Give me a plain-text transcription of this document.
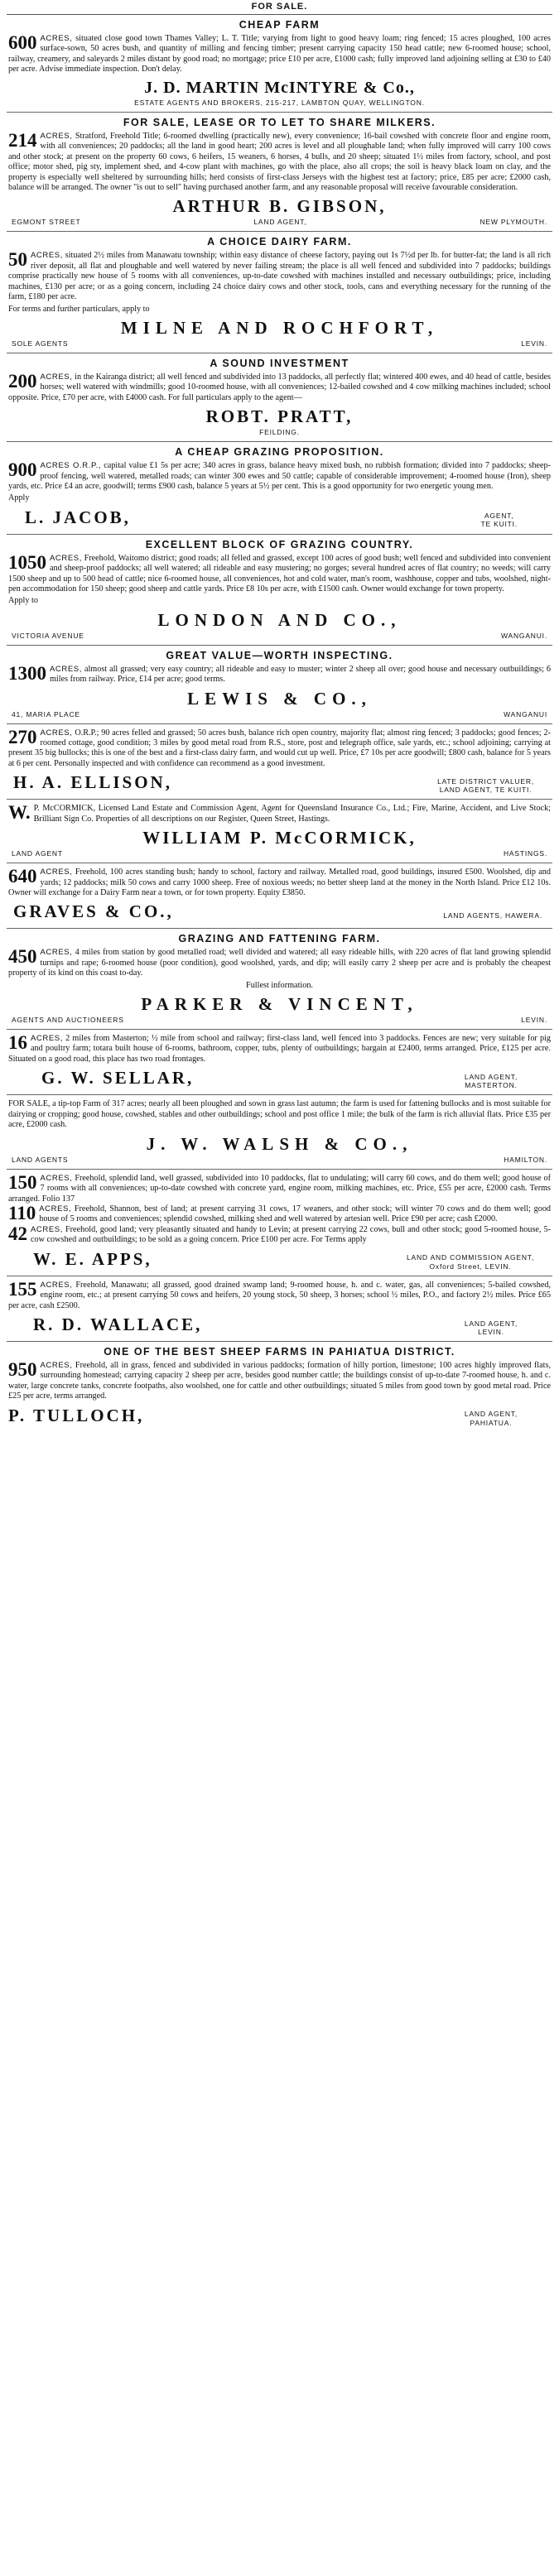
FOR SALE.
CHEAP FARM
600 ACRES, situated close good town Thames Valley; L. T. Title; varying from light to good heavy loam; ring fenced; 15 acres ploughed, 100 acres surface-sown, 50 acres bush, and quantity of milling and fencing timber; present carrying capacity 150 head cattle; new 6-roomed house; school, railway, creamery, and saleyards 2 miles distant by good road; no mortgage; price £10 per acre, £1000 cash; fully improved land adjoining selling at £30 to £40 per acre. Advise immediate inspection. Don't delay.
J. D. MARTIN McINTYRE & Co.,
ESTATE AGENTS AND BROKERS, 215-217, LAMBTON QUAY, WELLINGTON.
FOR SALE, LEASE OR TO LET TO SHARE MILKERS.
214 ACRES, Stratford, Freehold Title; 6-roomed dwelling (practically new), every convenience; 16-bail cowshed with concrete floor and engine room, with all conveniences; 20 paddocks; all the land in good heart; 200 acres is level and all ploughable land; when fully improved will carry 100 cows and other stock; at present on the property 60 cows, 6 heifers, 15 weaners, 6 horses, 4 bulls, and 20 sheep; situated 1½ miles from factory, school, and post office; motor shed, pig sty, implement shed, and 4-cow plant with machines, go with the place, also all crops; the soil is heavy black loam on clay, and the property is especially well sheltered by surrounding hills; herd consists of first-class Jerseys with the highest test at factory; price, £85 per acre; £2000 cash, balance will be arranged. The owner "is out to sell" having purchased another farm, and any reasonable proposal will receive favourable consideration.
ARTHUR B. GIBSON,
EGMONT STREET	LAND AGENT,	NEW PLYMOUTH.
A CHOICE DAIRY FARM.
50 ACRES, situated 2½ miles from Manawatu township; within easy distance of cheese factory, paying out 1s 7½d per lb. for butter-fat; the land is all rich river deposit, all flat and ploughable and well watered by never failing stream; the place is all well fenced and subdivided into 7 paddocks; buildings comprise practically new house of 5 rooms with all conveniences, up-to-date cowshed with machines installed and necessary outbuildings; price, including machines, £130 per acre; or as a going concern, including 24 choice dairy cows and other stock, tools, cans and everything necessary for the running of the farm, £180 per acre.
For terms and further particulars, apply to
MILNE AND ROCHFORT,
SOLE AGENTS	LEVIN.
A SOUND INVESTMENT
200 ACRES, in the Kairanga district; all well fenced and subdivided into 13 paddocks, all perfectly flat; wintered 400 ewes, and 40 head of cattle, besides horses; well watered with windmills; good 10-roomed house, with all conveniences; 12-bailed cowshed and 4 cow milking machines included; school opposite. Price, £70 per acre, with £4000 cash. For full particulars apply to the agent—
ROBT. PRATT,
FEILDING.
A CHEAP GRAZING PROPOSITION.
900 ACRES O.R.P., capital value £1 5s per acre; 340 acres in grass, balance heavy mixed bush, no rubbish formation; divided into 7 paddocks; sheep-proof fencing, well watered, metalled roads; can winter 300 ewes and 50 cattle; capable of considerable improvement; 4-roomed house (Iron), sheep yards, etc. Price £4 an acre, goodwill; terms £900 cash, balance 5 years at 5½ per cent. This is a good opportunity for two energetic young men.
Apply
L. JACOB,	AGENT,
TE KUITI.
EXCELLENT BLOCK OF GRAZING COUNTRY.
1050 ACRES, Freehold, Waitomo district; good roads; all felled and grassed, except 100 acres of good bush; well fenced and subdivided into convenient and sheep-proof paddocks; all well watered; all rideable and easy mustering; no gorges; several hundred acres of flat country; no weeds; will carry 1500 sheep and up to 500 head of cattle; nice 6-roomed house, all conveniences, hot and cold water, man's room, washhouse, copper and tubs, woolshed, night-pen accommodation for 150 sheep; good sheep and cattle yards. Price £8 10s per acre, with £1500 cash. Owner would exchange for town property.
Apply to
LONDON AND CO.,
VICTORIA AVENUE	WANGANUI.
GREAT VALUE—WORTH INSPECTING.
1300 ACRES, almost all grassed; very easy country; all rideable and easy to muster; winter 2 sheep all over; good house and necessary outbuildings; 6 miles from railway. Price, £14 per acre; good terms.
LEWIS & CO.,
41, MARIA PLACE	WANGANUI
270 ACRES, O.R.P.; 90 acres felled and grassed; 50 acres bush, balance rich open country, majority flat; almost ring fenced; 3 paddocks; good fences; 2-roomed cottage, good condition; 3 miles by good metal road from R.S., store, post and telegraph office, sale yards, etc.; school adjoining; carrying at present 35 big bullocks; this is one of the best and a first-class dairy farm, and would cut up well. Price, £7 10s per acre goodwill; £800 cash, balance for 5 years at 6 per cent. Personally inspected and with confidence can recommend as a good investment.
H. A. ELLISON,	LATE DISTRICT VALUER,
LAND AGENT, TE KUITI.
W. P. McCORMICK, Licensed Land Estate and Commission Agent, Agent for Queensland Insurance Co., Ltd.; Fire, Marine, Accident, and Live Stock; Brilliant Sign Co. Properties of all descriptions on our Register, Queen Street, Hastings.
WILLIAM P. McCORMICK,
LAND AGENT	HASTINGS.
640 ACRES, Freehold, 100 acres standing bush; handy to school, factory and railway. Metalled road, good buildings, insured £500. Woolshed, dip and yards; 12 paddocks; milk 50 cows and carry 1000 sheep. Free of noxious weeds; no better sheep land at the money in the North Island. Price £12 10s. Owner will exchange for a Dairy Farm near a town, or for town property. Equity £3850.
GRAVES & CO.,	LAND AGENTS, HAWERA.
GRAZING AND FATTENING FARM.
450 ACRES, 4 miles from station by good metalled road; well divided and watered; all easy rideable hills, with 220 acres of flat land growing splendid turnips and rape; 6-roomed house (poor condition), good woolshed, yards, and dip; will easily carry 2 sheep per acre and is probably the cheapest property of its kind on this coast to-day.
Fullest information.
PARKER & VINCENT,
AGENTS AND AUCTIONEERS	LEVIN.
16 ACRES, 2 miles from Masterton; ½ mile from school and railway; first-class land, well fenced into 3 paddocks. Fences are new; very suitable for pig and poultry farm; totara built house of 6-rooms, bathroom, copper, tubs, plenty of outbuildings; bargain at £2400, terms arranged. Price, £125 per acre. Situated on a good road, this place has two road frontages.
G. W. SELLAR,	LAND AGENT,
MASTERTON.
FOR SALE, a tip-top Farm of 317 acres; nearly all been ploughed and sown in grass last autumn; the farm is used for fattening bullocks and is most suitable for dairying or cropping; good house, cowshed, stables and other outbuildings; school and post office 1 mile; the bulk of the farm is rich alluvial flats. Price £35 per acre, £2000 cash.
J. W. WALSH & CO.,
LAND AGENTS	HAMILTON.
150 ACRES, Freehold, splendid land, well grassed, subdivided into 10 paddocks, flat to undulating; will carry 60 cows, and do them well; good house of 7 rooms with all conveniences; up-to-date cowshed with concrete yard, engine room, milking machines, etc. Price, £55 per acre, £2000 cash. Terms arranged. Folio 137
110 ACRES, Freehold, Shannon, best of land; at present carrying 31 cows, 17 weaners, and other stock; will winter 70 cows and do them well; good house of 5 rooms and conveniences; splendid cowshed, milking shed and well watered by artesian well. Price £90 per acre; cash £2000.
42 ACRES, Freehold, good land; very pleasantly situated and handy to Levin; at present carrying 22 cows, bull and other stock; good 5-roomed house, 5-cow cowshed and outbuildings; to be sold as a going concern. Price £100 per acre. For Terms apply
W. E. APPS,	LAND AND COMMISSION AGENT,
Oxford Street, LEVIN.
155 ACRES, Freehold, Manawatu; all grassed, good drained swamp land; 9-roomed house, h. and c. water, gas, all conveniences; 5-bailed cowshed, engine room, etc.; at present carrying 50 cows and heifers, 20 young stock, 50 sheep, 3 horses; school ½ miles, P.O., and factory 2½ miles. Price £65 per acre, cash £2500.
R. D. WALLACE,	LAND AGENT,
LEVIN.
ONE OF THE BEST SHEEP FARMS IN PAHIATUA DISTRICT.
950 ACRES, Freehold, all in grass, fenced and subdivided in various paddocks; formation of hilly portion, limestone; 100 acres highly improved flats, surrounding homestead; carrying capacity 2 sheep per acre, besides good number cattle; the buildings consist of up-to-date 7-roomed house, h. and c. water, large concrete tanks, concrete footpaths, also woolshed, one for cattle and other outbuildings; situated 5 miles from good town by good metal road. Price £25 per acre, terms arranged.
P. TULLOCH,	LAND AGENT,
PAHIATUA.
